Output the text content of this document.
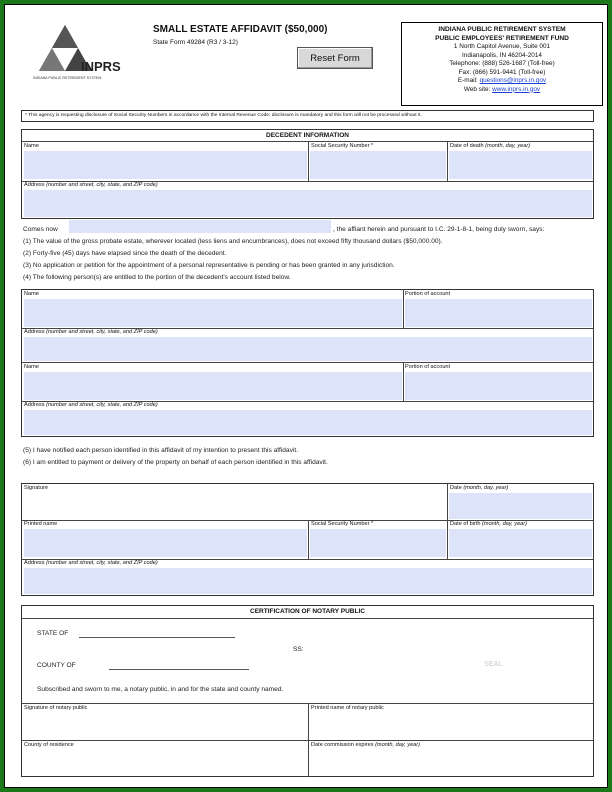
INPRS
INDIANA PUBLIC RETIREMENT SYSTEM
SMALL ESTATE AFFIDAVIT ($50,000)
State Form 49284 (R3 / 3-12)
Reset Form
INDIANA PUBLIC RETIREMENT SYSTEM
PUBLIC EMPLOYEES' RETIREMENT FUND
1 North Capitol Avenue, Suite 001
Indianapolis, IN 46204-2014
Telephone: (888) 526-1687 (Toll-free)
Fax: (866) 591-9441 (Toll-free)
E-mail: questions@inprs.in.gov
Web site: www.inprs.in.gov
* This agency is requesting disclosure of Social Security Numbers in accordance with the Internal Revenue Code; disclosure is mandatory and this form will not be processed without it.
DECEDENT INFORMATION
Name	Social Security Number *	Date of death (month, day, year)
Address (number and street, city, state, and ZIP code)
Comes now	, the affiant herein and pursuant to I.C. 29-1-8-1, being duly sworn, says:
(1) The value of the gross probate estate, wherever located (less liens and encumbrances), does not exceed fifty thousand dollars ($50,000.00).
(2) Forty-five (45) days have elapsed since the death of the decedent.
(3) No application or petition for the appointment of a personal representative is pending or has been granted in any jurisdiction.
(4) The following person(s) are entitled to the portion of the decedent's account listed below.
Name	Portion of account
Address (number and street, city, state, and ZIP code)
Name	Portion of account
Address (number and street, city, state, and ZIP code)
(5) I have notified each person identified in this affidavit of my intention to present this affidavit.
(6) I am entitled to payment or delivery of the property on behalf of each person identified in this affidavit.
Signature	Date (month, day, year)
Printed name	Social Security Number *	Date of birth (month, day, year)
Address (number and street, city, state, and ZIP code)
CERTIFICATION OF NOTARY PUBLIC
STATE OF
SS:
COUNTY OF	SEAL
Subscribed and sworn to me, a notary public, in and for the state and county named.
Signature of notary public	Printed name of notary public
County of residence	Date commission expires (month, day, year)
